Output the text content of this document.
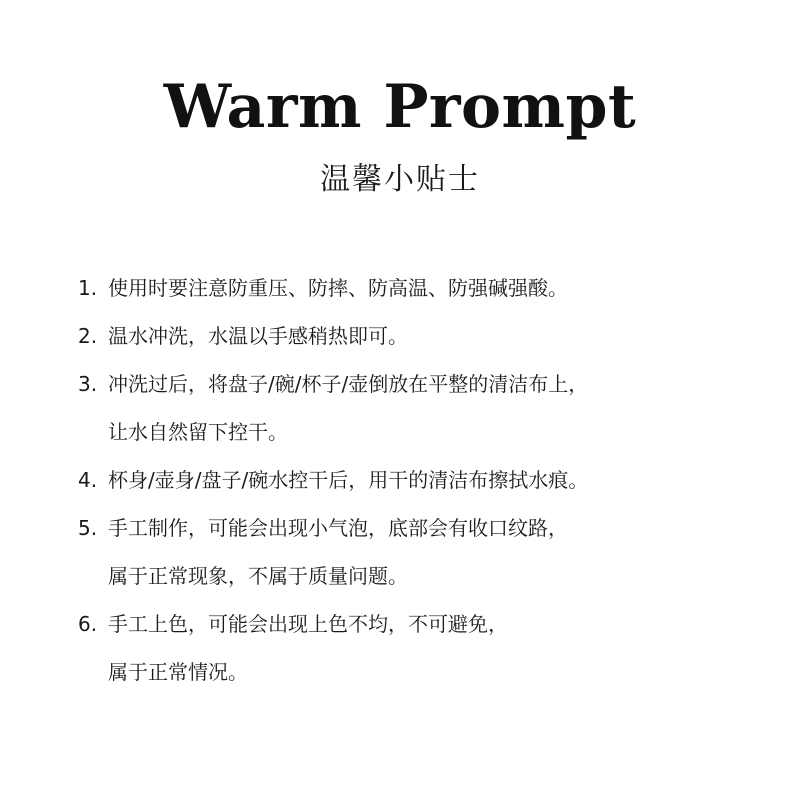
Warm Prompt
温馨小贴士
1. 使用时要注意防重压、防摔、防高温、防强碱强酸。
2. 温水冲洗，水温以手感稍热即可。
3. 冲洗过后，将盘子/碗/杯子/壶倒放在平整的清洁布上，
让水自然留下控干。
4. 杯身/壶身/盘子/碗水控干后，用干的清洁布擦拭水痕。
5. 手工制作，可能会出现小气泡，底部会有收口纹路，
属于正常现象，不属于质量问题。
6. 手工上色，可能会出现上色不均，不可避免，
属于正常情况。
